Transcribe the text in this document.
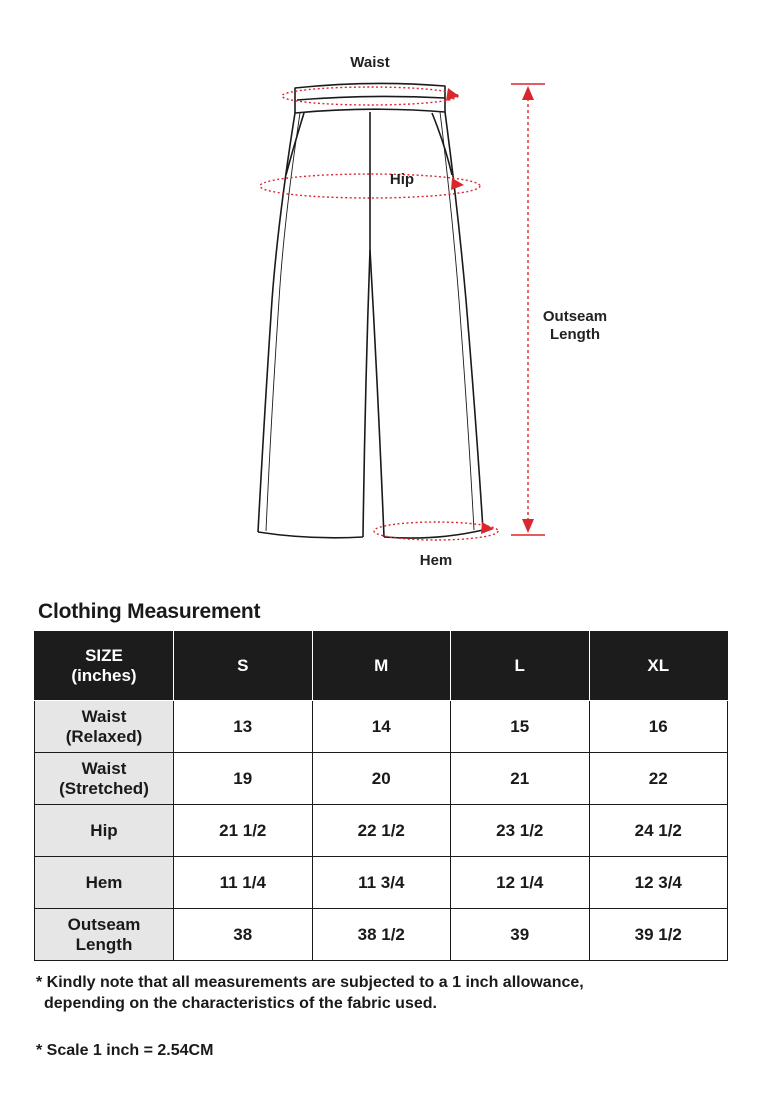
Waist
Hip
Outseam
Length
Hem
Clothing Measurement
SIZE
(inches)	S	M	L	XL

Waist
(Relaxed)	13	14	15	16

Waist
(Stretched)	19	20	21	22

Hip	21 1/2	22 1/2	23 1/2	24 1/2

Hem	11 1/4	11 3/4	12 1/4	12 3/4

Outseam
Length	38	38 1/2	39	39 1/2
* Kindly note that all measurements are subjected to a 1 inch allowance,
depending on the characteristics of the fabric used.
* Scale 1 inch = 2.54CM
